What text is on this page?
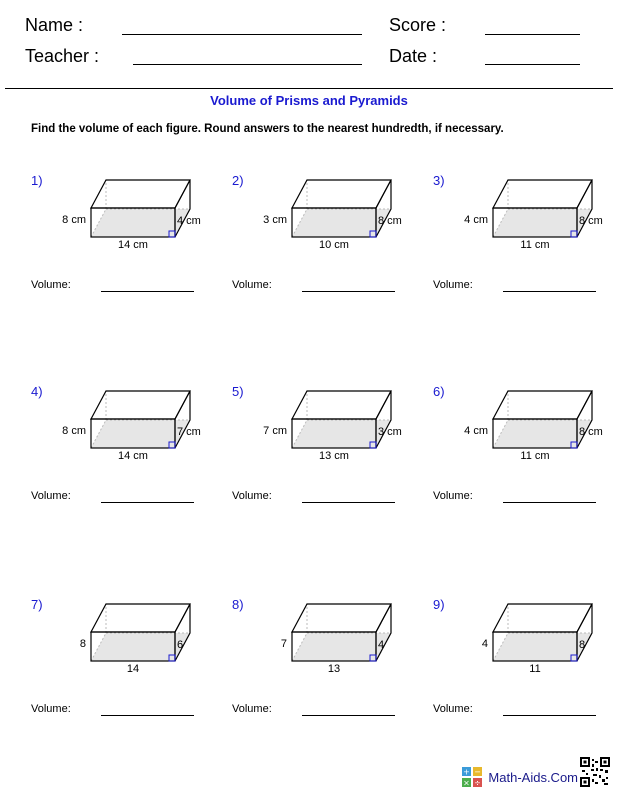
Name :
Teacher :
Score :
Date :
Volume of Prisms and Pyramids
Find the volume of each figure. Round answers to the nearest hundredth, if necessary.
1)
8 cm	4 cm
14 cm
Volume:
2)
3 cm	8 cm
10 cm
Volume:
3)
4 cm	8 cm
11 cm
Volume:
4)
8 cm	7 cm
14 cm
Volume:
5)
7 cm	3 cm
13 cm
Volume:
6)
4 cm	8 cm
11 cm
Volume:
7)
8	6
14
Volume:
8)
7	4
13
Volume:
9)
4	8
11
Volume:
+ −
× ÷ Math-Aids.Com
